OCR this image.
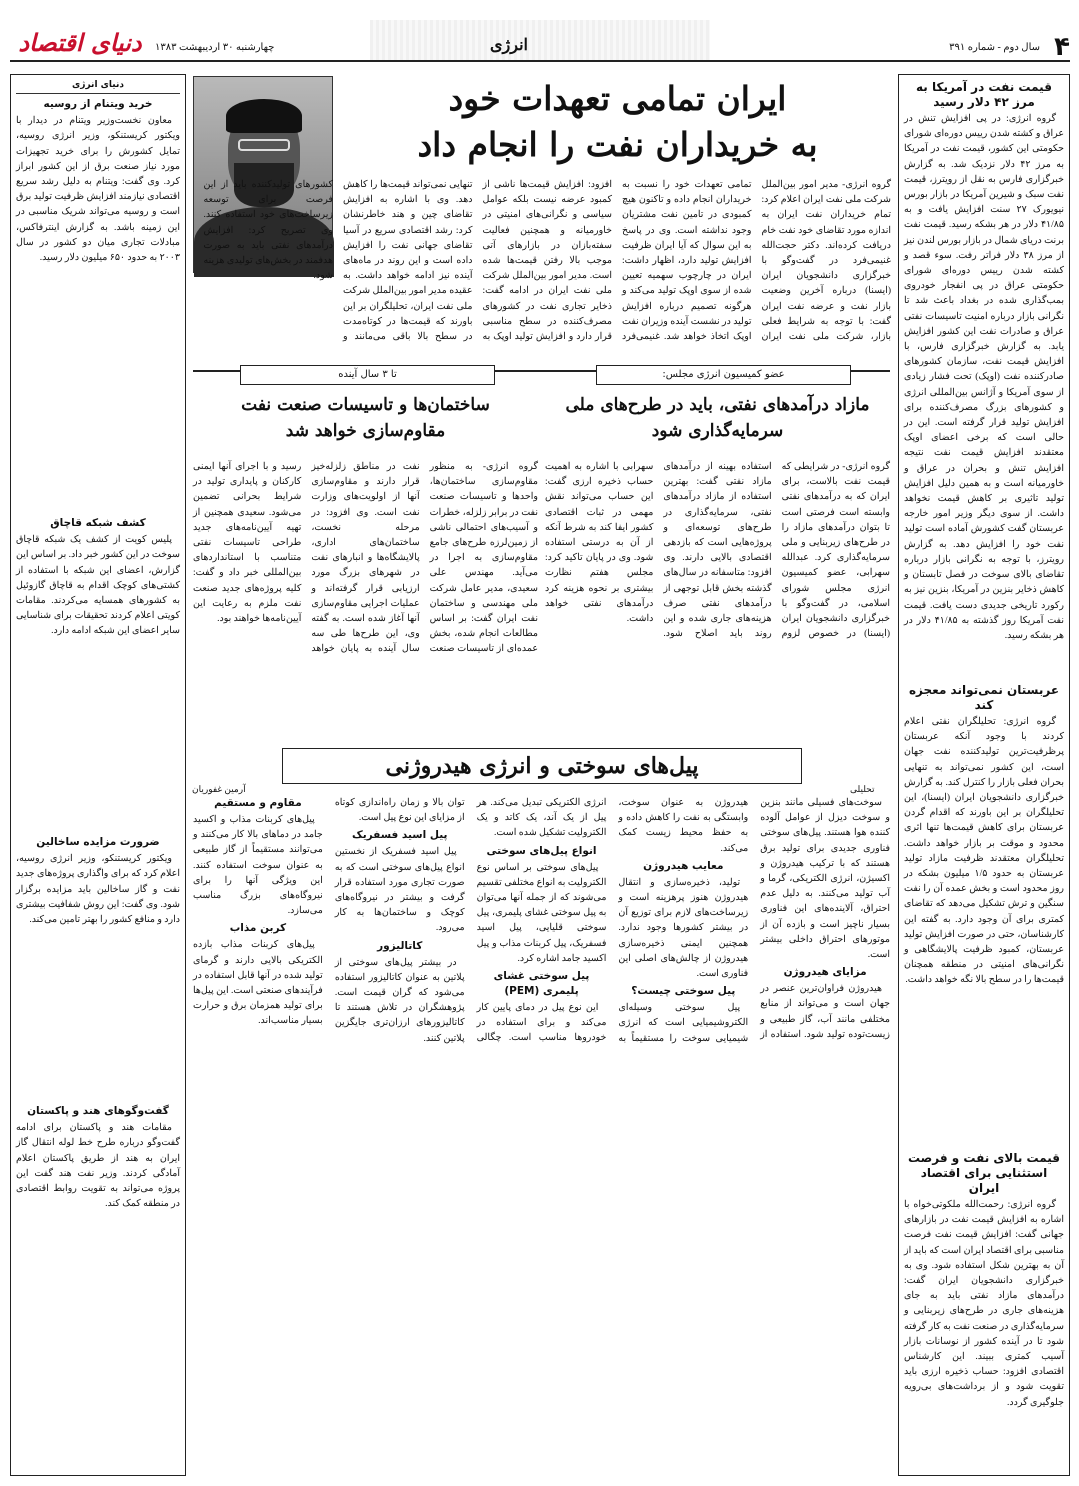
دنیای اقتصاد	چهارشنبه ۳۰ اردیبهشت ۱۳۸۳	انرژی	سال دوم - شماره ۳۹۱ ۴
قیمت نفت در آمریکا به مرز ۴۲ دلار رسید

گروه انرژی: در پی افزایش تنش در عراق و کشته شدن رییس دوره‌ای شورای حکومتی این کشور، قیمت نفت در آمریکا به مرز ۴۲ دلار نزدیک شد. به گزارش خبرگزاری فارس به نقل از رویترز، قیمت نفت سبک و شیرین آمریکا در بازار بورس نیویورک ۲۷ سنت افزایش یافت و به ۴۱/۸۵ دلار در هر بشکه رسید. قیمت نفت برنت دریای شمال در بازار بورس لندن نیز از مرز ۳۸ دلار فراتر رفت. سوء قصد و کشته شدن رییس دوره‌ای شورای حکومتی عراق در پی انفجار خودروی بمب‌گذاری شده در بغداد باعث شد تا نگرانی بازار درباره امنیت تاسیسات نفتی عراق و صادرات نفت این کشور افزایش یابد. به گزارش خبرگزاری فارس، با افزایش قیمت نفت، سازمان کشورهای صادرکننده نفت (اوپک) تحت فشار زیادی از سوی آمریکا و آژانس بین‌المللی انرژی و کشورهای بزرگ مصرف‌کننده برای افزایش تولید قرار گرفته است. این در حالی است که برخی اعضای اوپک معتقدند افزایش قیمت نفت نتیجه افزایش تنش و بحران در عراق و خاورمیانه است و به همین دلیل افزایش تولید تاثیری بر کاهش قیمت نخواهد داشت. از سوی دیگر وزیر امور خارجه عربستان گفت کشورش آماده است تولید نفت خود را افزایش دهد. به گزارش رویترز، با توجه به نگرانی بازار درباره تقاضای بالای سوخت در فصل تابستان و کاهش ذخایر بنزین در آمریکا، بنزین نیز به رکورد تاریخی جدیدی دست یافت. قیمت نفت آمریکا روز گذشته به ۴۱/۸۵ دلار در هر بشکه رسید.

عربستان نمی‌تواند معجزه کند

گروه انرژی: تحلیلگران نفتی اعلام کردند با وجود آنکه عربستان پرظرفیت‌ترین تولیدکننده نفت جهان است، این کشور نمی‌تواند به تنهایی بحران فعلی بازار را کنترل کند. به گزارش خبرگزاری دانشجویان ایران (ایسنا)، این تحلیلگران بر این باورند که اقدام گردن عربستان برای کاهش قیمت‌ها تنها اثری محدود و موقت بر بازار خواهد داشت. تحلیلگران معتقدند ظرفیت مازاد تولید عربستان به حدود ۱/۵ میلیون بشکه در روز محدود است و بخش عمده آن را نفت سنگین و ترش تشکیل می‌دهد که تقاضای کمتری برای آن وجود دارد. به گفته این کارشناسان، حتی در صورت افزایش تولید عربستان، کمبود ظرفیت پالایشگاهی و نگرانی‌های امنیتی در منطقه همچنان قیمت‌ها را در سطح بالا نگه خواهد داشت.

قیمت بالای نفت و فرصت استثنایی برای اقتصاد ایران

گروه انرژی: رحمت‌الله ملکوتی‌خواه با اشاره به افزایش قیمت نفت در بازارهای جهانی گفت: افزایش قیمت نفت فرصت مناسبی برای اقتصاد ایران است که باید از آن به بهترین شکل استفاده شود. وی به خبرگزاری دانشجویان ایران گفت: درآمدهای مازاد نفتی باید به جای هزینه‌های جاری در طرح‌های زیربنایی و سرمایه‌گذاری در صنعت نفت به کار گرفته شود تا در آینده کشور از نوسانات بازار آسیب کمتری ببیند. این کارشناس اقتصادی افزود: حساب ذخیره ارزی باید تقویت شود و از برداشت‌های بی‌رویه جلوگیری گردد.

ایران تمامی تعهدات خود
به خریداران نفت را انجام داد
گروه انرژی- مدیر امور بین‌الملل شرکت ملی نفت ایران اعلام کرد: تمام خریداران نفت ایران به اندازه مورد تقاضای خود نفت خام دریافت کرده‌اند. دکتر حجت‌الله غنیمی‌فرد در گفت‌وگو با خبرگزاری دانشجویان ایران (ایسنا) درباره آخرین وضعیت بازار نفت و عرضه نفت ایران گفت: با توجه به شرایط فعلی بازار، شرکت ملی نفت ایران تمامی تعهدات خود را نسبت به خریداران انجام داده و تاکنون هیچ کمبودی در تامین نفت مشتریان وجود نداشته است. وی در پاسخ به این سوال که آیا ایران ظرفیت افزایش تولید دارد، اظهار داشت: ایران در چارچوب سهمیه تعیین شده از سوی اوپک تولید می‌کند و هرگونه تصمیم درباره افزایش تولید در نشست آینده وزیران نفت اوپک اتخاذ خواهد شد. غنیمی‌فرد افزود: افزایش قیمت‌ها ناشی از کمبود عرضه نیست بلکه عوامل سیاسی و نگرانی‌های امنیتی در خاورمیانه و همچنین فعالیت سفته‌بازان در بازارهای آتی موجب بالا رفتن قیمت‌ها شده است. مدیر امور بین‌الملل شرکت ملی نفت ایران در ادامه گفت: ذخایر تجاری نفت در کشورهای مصرف‌کننده در سطح مناسبی قرار دارد و افزایش تولید اوپک به تنهایی نمی‌تواند قیمت‌ها را کاهش دهد. وی با اشاره به افزایش تقاضای چین و هند خاطرنشان کرد: رشد اقتصادی سریع در آسیا تقاضای جهانی نفت را افزایش داده است و این روند در ماه‌های آینده نیز ادامه خواهد داشت. به عقیده مدیر امور بین‌الملل شرکت ملی نفت ایران، تحلیلگران بر این باورند که قیمت‌ها در کوتاه‌مدت در سطح بالا باقی می‌مانند و
عضو کمیسیون انرژی مجلس:
مازاد درآمدهای نفتی، باید در طرح‌های ملی
سرمایه‌گذاری شود
گروه انرژی- در شرایطی که قیمت نفت بالاست، برای ایران که به درآمدهای نفتی وابسته است فرصتی است تا بتوان درآمدهای مازاد را در طرح‌های زیربنایی و ملی سرمایه‌گذاری کرد. عبدالله سهرابی، عضو کمیسیون انرژی مجلس شورای اسلامی، در گفت‌وگو با خبرگزاری دانشجویان ایران (ایسنا) در خصوص لزوم استفاده بهینه از درآمدهای مازاد نفتی گفت: بهترین استفاده از مازاد درآمدهای نفتی، سرمایه‌گذاری در طرح‌های توسعه‌ای و پروژه‌هایی است که بازدهی اقتصادی بالایی دارند. وی افزود: متاسفانه در سال‌های گذشته بخش قابل توجهی از درآمدهای نفتی صرف هزینه‌های جاری شده و این روند باید اصلاح شود. سهرابی با اشاره به اهمیت حساب ذخیره ارزی گفت: این حساب می‌تواند نقش مهمی در ثبات اقتصادی کشور ایفا کند به شرط آنکه از آن به درستی استفاده شود. وی در پایان تاکید کرد: مجلس هفتم نظارت بیشتری بر نحوه هزینه کرد درآمدهای نفتی خواهد داشت.
تا ۳ سال آینده
ساختمان‌ها و تاسیسات صنعت نفت
مقاوم‌سازی خواهد شد
گروه انرژی- به منظور مقاوم‌سازی ساختمان‌ها، واحدها و تاسیسات صنعت نفت در برابر زلزله، خطرات و آسیب‌های احتمالی ناشی از زمین‌لرزه طرح‌های جامع مقاوم‌سازی به اجرا در می‌آید. مهندس علی سعیدی، مدیر عامل شرکت ملی مهندسی و ساختمان نفت ایران گفت: بر اساس مطالعات انجام شده، بخش عمده‌ای از تاسیسات صنعت نفت در مناطق زلزله‌خیز قرار دارند و مقاوم‌سازی آنها از اولویت‌های وزارت نفت است. وی افزود: در مرحله نخست، ساختمان‌های اداری، پالایشگاه‌ها و انبارهای نفت در شهرهای بزرگ مورد ارزیابی قرار گرفته‌اند و عملیات اجرایی مقاوم‌سازی آنها آغاز شده است. به گفته وی، این طرح‌ها طی سه سال آینده به پایان خواهد رسید و با اجرای آنها ایمنی کارکنان و پایداری تولید در شرایط بحرانی تضمین می‌شود. سعیدی همچنین از تهیه آیین‌نامه‌های جدید طراحی تاسیسات نفتی متناسب با استانداردهای بین‌المللی خبر داد و گفت: کلیه پروژه‌های جدید صنعت نفت ملزم به رعایت این آیین‌نامه‌ها خواهند بود.
پیل‌های سوختی و انرژی هیدروژنی
آرمین غفوریان	تحلیلی

سوخت‌های فسیلی مانند بنزین و سوخت دیزل از عوامل آلوده کننده هوا هستند. پیل‌های سوختی فناوری جدیدی برای تولید برق هستند که با ترکیب هیدروژن و اکسیژن، انرژی الکتریکی، گرما و آب تولید می‌کنند. به دلیل عدم احتراق، آلاینده‌های این فناوری بسیار ناچیز است و بازده آن از موتورهای احتراق داخلی بیشتر است.

مزایای هیدروژن

هیدروژن فراوان‌ترین عنصر در جهان است و می‌تواند از منابع مختلفی مانند آب، گاز طبیعی و زیست‌توده تولید شود. استفاده از هیدروژن به عنوان سوخت، وابستگی به نفت را کاهش داده و به حفظ محیط زیست کمک می‌کند.

معایب هیدروژن

تولید، ذخیره‌سازی و انتقال هیدروژن هنوز پرهزینه است و زیرساخت‌های لازم برای توزیع آن در بیشتر کشورها وجود ندارد. همچنین ایمنی ذخیره‌سازی هیدروژن از چالش‌های اصلی این فناوری است.

پیل سوختی چیست؟

پیل سوختی وسیله‌ای الکتروشیمیایی است که انرژی شیمیایی سوخت را مستقیماً به انرژی الکتریکی تبدیل می‌کند. هر پیل از یک آند، یک کاتد و یک الکترولیت تشکیل شده است.

انواع پیل‌های سوختی

پیل‌های سوختی بر اساس نوع الکترولیت به انواع مختلفی تقسیم می‌شوند که از جمله آنها می‌توان به پیل سوختی غشای پلیمری، پیل سوختی قلیایی، پیل اسید فسفریک، پیل کربنات مذاب و پیل اکسید جامد اشاره کرد.

پیل سوختی غشای پلیمری (PEM)

این نوع پیل در دمای پایین کار می‌کند و برای استفاده در خودروها مناسب است. چگالی توان بالا و زمان راه‌اندازی کوتاه از مزایای این نوع پیل است.

پیل اسید فسفریک

پیل اسید فسفریک از نخستین انواع پیل‌های سوختی است که به صورت تجاری مورد استفاده قرار گرفت و بیشتر در نیروگاه‌های کوچک و ساختمان‌ها به کار می‌رود.

کاتالیزور

در بیشتر پیل‌های سوختی از پلاتین به عنوان کاتالیزور استفاده می‌شود که گران قیمت است. پژوهشگران در تلاش هستند تا کاتالیزورهای ارزان‌تری جایگزین پلاتین کنند.

مقاوم و مستقیم

پیل‌های کربنات مذاب و اکسید جامد در دماهای بالا کار می‌کنند و می‌توانند مستقیماً از گاز طبیعی به عنوان سوخت استفاده کنند. این ویژگی آنها را برای نیروگاه‌های بزرگ مناسب می‌سازد.

کربن مذاب

پیل‌های کربنات مذاب بازده الکتریکی بالایی دارند و گرمای تولید شده در آنها قابل استفاده در فرآیندهای صنعتی است. این پیل‌ها برای تولید همزمان برق و حرارت بسیار مناسب‌اند.

دنیای انرژی
خرید ویتنام از روسیه

معاون نخست‌وزیر ویتنام در دیدار با ویکتور کریستنکو، وزیر انرژی روسیه، تمایل کشورش را برای خرید تجهیزات مورد نیاز صنعت برق از این کشور ابراز کرد. وی گفت: ویتنام به دلیل رشد سریع اقتصادی نیازمند افزایش ظرفیت تولید برق است و روسیه می‌تواند شریک مناسبی در این زمینه باشد. به گزارش اینترفاکس، مبادلات تجاری میان دو کشور در سال ۲۰۰۳ به حدود ۶۵۰ میلیون دلار رسید.

کشف شبکه قاچاق

پلیس کویت از کشف یک شبکه قاچاق سوخت در این کشور خبر داد. بر اساس این گزارش، اعضای این شبکه با استفاده از کشتی‌های کوچک اقدام به قاچاق گازوئیل به کشورهای همسایه می‌کردند. مقامات کویتی اعلام کردند تحقیقات برای شناسایی سایر اعضای این شبکه ادامه دارد.

ضرورت مزایده ساخالین

ویکتور کریستنکو، وزیر انرژی روسیه، اعلام کرد که برای واگذاری پروژه‌های جدید نفت و گاز ساخالین باید مزایده برگزار شود. وی گفت: این روش شفافیت بیشتری دارد و منافع کشور را بهتر تامین می‌کند.

گفت‌وگوهای هند و پاکستان

مقامات هند و پاکستان برای ادامه گفت‌وگو درباره طرح خط لوله انتقال گاز ایران به هند از طریق پاکستان اعلام آمادگی کردند. وزیر نفت هند گفت این پروژه می‌تواند به تقویت روابط اقتصادی در منطقه کمک کند.
